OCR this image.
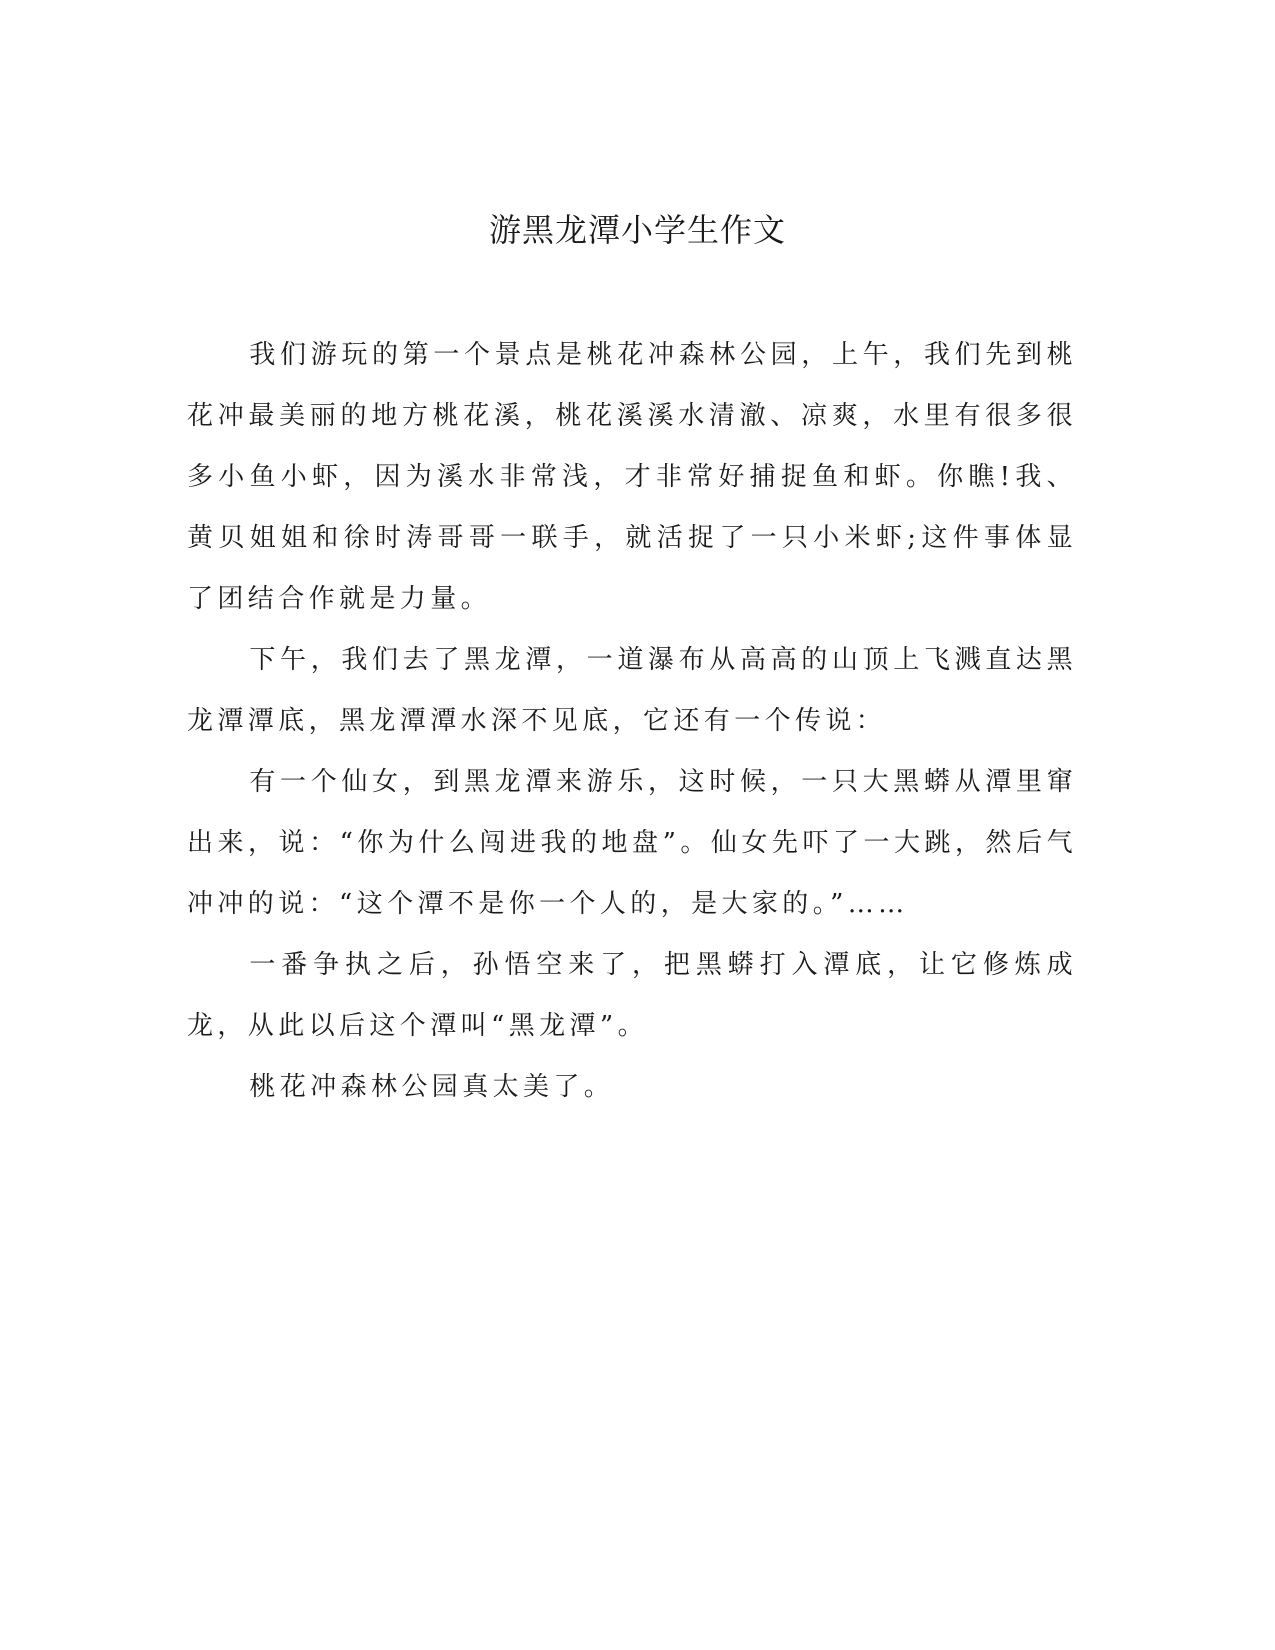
游黑龙潭小学生作文

我们游玩的第一个景点是桃花冲森林公园，上午，我们先到桃花冲最美丽的地方桃花溪，桃花溪溪水清澈、凉爽，水里有很多很多小鱼小虾，因为溪水非常浅，才非常好捕捉鱼和虾。你瞧!我、黄贝姐姐和徐时涛哥哥一联手，就活捉了一只小米虾;这件事体显了团结合作就是力量。

下午，我们去了黑龙潭，一道瀑布从高高的山顶上飞溅直达黑龙潭潭底，黑龙潭潭水深不见底，它还有一个传说：

有一个仙女，到黑龙潭来游乐，这时候，一只大黑蟒从潭里窜出来，说：“你为什么闯进我的地盘”。仙女先吓了一大跳，然后气冲冲的说：“这个潭不是你一个人的，是大家的。”……

一番争执之后，孙悟空来了，把黑蟒打入潭底，让它修炼成龙，从此以后这个潭叫“黑龙潭”。

桃花冲森林公园真太美了。
